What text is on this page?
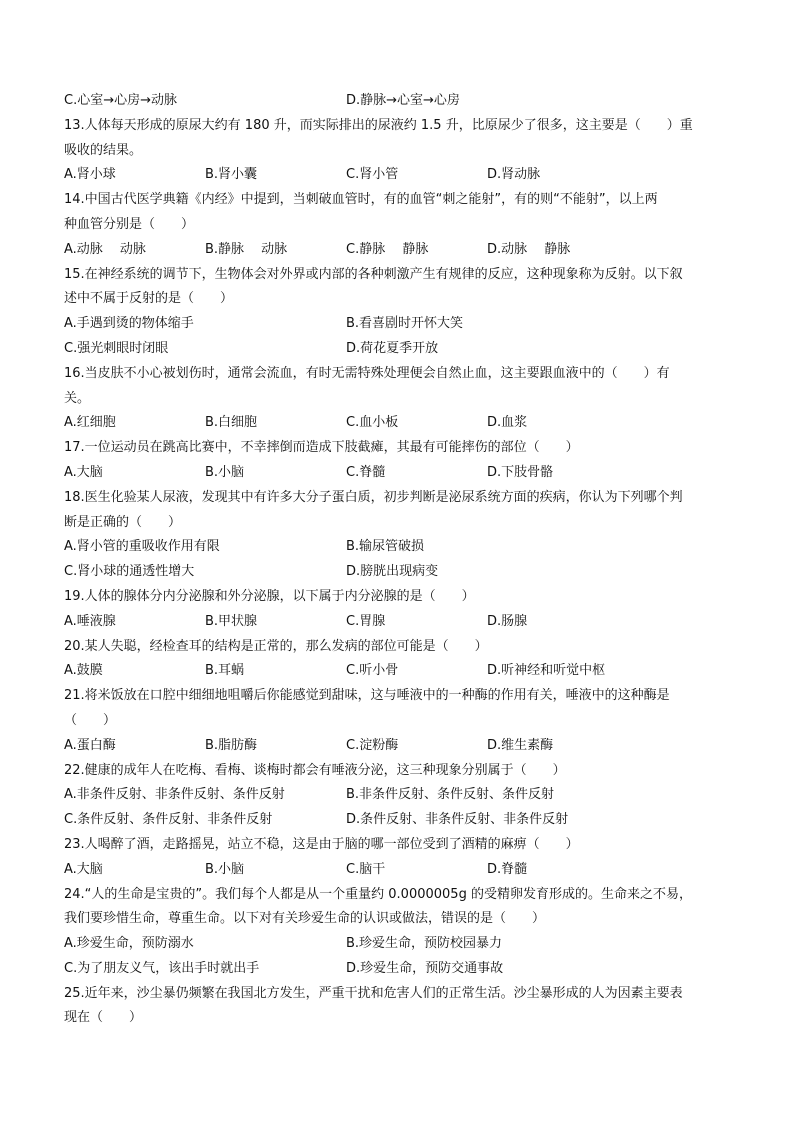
C.心室→心房→动脉	D.静脉→心室→心房
13.人体每天形成的原尿大约有 180 升，而实际排出的尿液约 1.5 升，比原尿少了很多，这主要是（　　）重
吸收的结果。
A.肾小球	B.肾小囊	C.肾小管	D.肾动脉
14.中国古代医学典籍《内经》中提到，当刺破血管时，有的血管“刺之能射”，有的则“不能射”，以上两
种血管分别是（　　）
A.动脉　 动脉	B.静脉　 动脉	C.静脉　 静脉	D.动脉　 静脉
15.在神经系统的调节下，生物体会对外界或内部的各种刺激产生有规律的反应，这种现象称为反射。以下叙
述中不属于反射的是（　　）
A.手遇到烫的物体缩手	B.看喜剧时开怀大笑
C.强光刺眼时闭眼	D.荷花夏季开放
16.当皮肤不小心被划伤时，通常会流血，有时无需特殊处理便会自然止血，这主要跟血液中的（　　）有
关。
A.红细胞	B.白细胞	C.血小板	D.血浆
17.一位运动员在跳高比赛中，不幸摔倒而造成下肢截瘫，其最有可能摔伤的部位（　　）
A.大脑	B.小脑	C.脊髓	D.下肢骨骼
18.医生化验某人尿液，发现其中有许多大分子蛋白质，初步判断是泌尿系统方面的疾病，你认为下列哪个判
断是正确的（　　）
A.肾小管的重吸收作用有限	B.输尿管破损
C.肾小球的通透性增大	D.膀胱出现病变
19.人体的腺体分内分泌腺和外分泌腺，以下属于内分泌腺的是（　　）
A.唾液腺	B.甲状腺	C.胃腺	D.肠腺
20.某人失聪，经检查耳的结构是正常的，那么发病的部位可能是（　　）
A.鼓膜	B.耳蜗	C.听小骨	D.听神经和听觉中枢
21.将米饭放在口腔中细细地咀嚼后你能感觉到甜味，这与唾液中的一种酶的作用有关，唾液中的这种酶是
（　　）
A.蛋白酶	B.脂肪酶	C.淀粉酶	D.维生素酶
22.健康的成年人在吃梅、看梅、谈梅时都会有唾液分泌，这三种现象分别属于（　　）
A.非条件反射、非条件反射、条件反射	B.非条件反射、条件反射、条件反射
C.条件反射、条件反射、非条件反射	D.条件反射、非条件反射、非条件反射
23.人喝醉了酒，走路摇晃，站立不稳，这是由于脑的哪一部位受到了酒精的麻痹（　　）
A.大脑	B.小脑	C.脑干	D.脊髓
24.“人的生命是宝贵的”。我们每个人都是从一个重量约 0.0000005g 的受精卵发育形成的。生命来之不易，
我们要珍惜生命，尊重生命。以下对有关珍爱生命的认识或做法，错误的是（　　）
A.珍爱生命，预防溺水	B.珍爱生命，预防校园暴力
C.为了朋友义气，该出手时就出手	D.珍爱生命，预防交通事故
25.近年来，沙尘暴仍频繁在我国北方发生，严重干扰和危害人们的正常生活。沙尘暴形成的人为因素主要表
现在（　　）
